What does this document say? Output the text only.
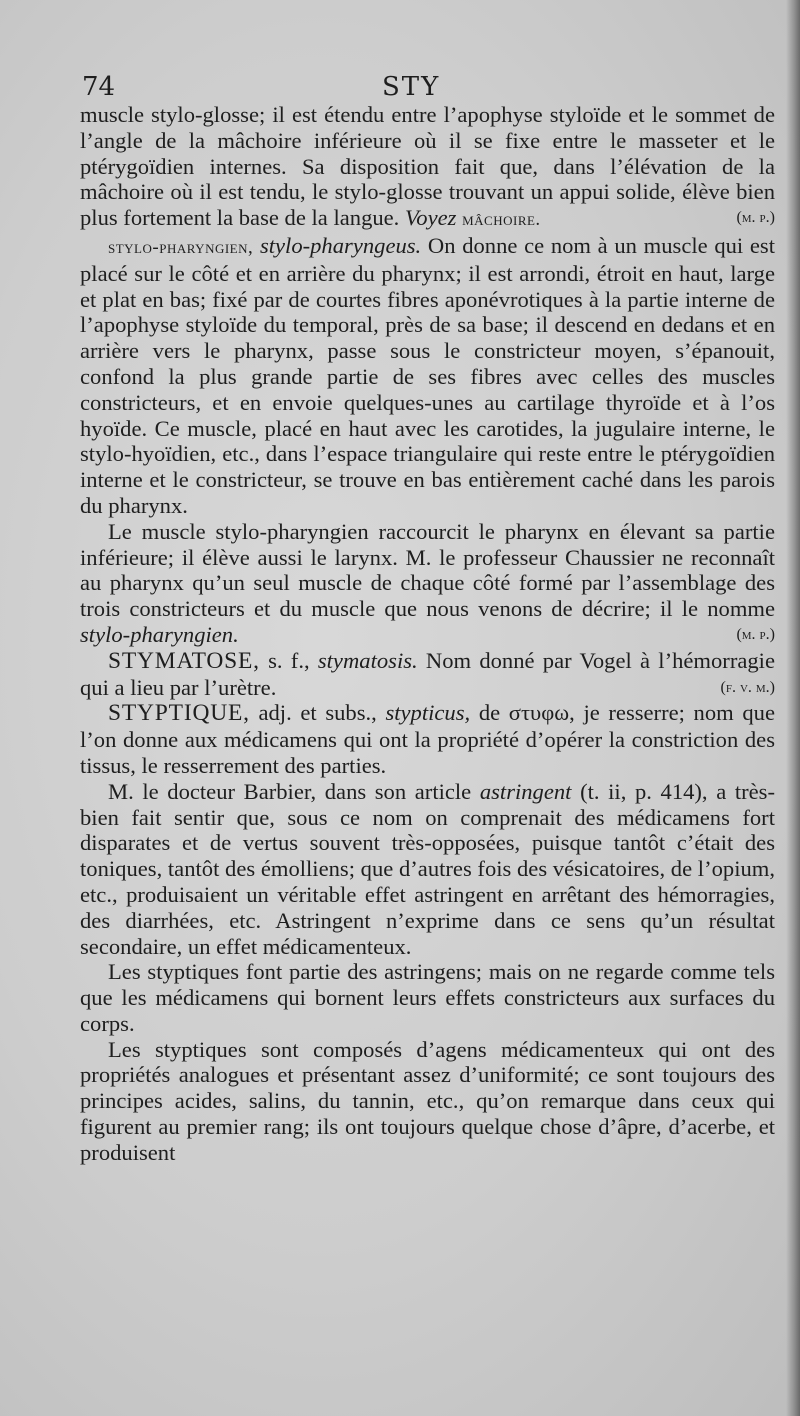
74	STY

muscle stylo-glosse; il est étendu entre l’apophyse styloïde et le sommet de l’angle de la mâchoire inférieure où il se fixe entre le masseter et le ptérygoïdien internes. Sa disposition fait que, dans l’élévation de la mâchoire où il est tendu, le stylo-glosse trouvant un appui solide, élève bien plus fortement la base de la langue. Voyez mâchoire.	(m. p.)

stylo-pharyngien, stylo-pharyngeus. On donne ce nom à un muscle qui est placé sur le côté et en arrière du pharynx; il est arrondi, étroit en haut, large et plat en bas; fixé par de courtes fibres aponévrotiques à la partie interne de l’apophyse styloïde du temporal, près de sa base; il descend en dedans et en arrière vers le pharynx, passe sous le constricteur moyen, s’épanouit, confond la plus grande partie de ses fibres avec celles des muscles constricteurs, et en envoie quelques-unes au cartilage thyroïde et à l’os hyoïde. Ce muscle, placé en haut avec les carotides, la jugulaire interne, le stylo-hyoïdien, etc., dans l’espace triangulaire qui reste entre le ptérygoïdien interne et le constricteur, se trouve en bas entièrement caché dans les parois du pharynx.

Le muscle stylo-pharyngien raccourcit le pharynx en élevant sa partie inférieure; il élève aussi le larynx. M. le professeur Chaussier ne reconnaît au pharynx qu’un seul muscle de chaque côté formé par l’assemblage des trois constricteurs et du muscle que nous venons de décrire; il le nomme stylo-pharyngien.	(m. p.)

STYMATOSE, s. f., stymatosis. Nom donné par Vogel à l’hémorragie qui a lieu par l’urètre.	(f. v. m.)

STYPTIQUE, adj. et subs., stypticus, de στυφω, je resserre; nom que l’on donne aux médicamens qui ont la propriété d’opérer la constriction des tissus, le resserrement des parties.

M. le docteur Barbier, dans son article astringent (t. ii, p. 414), a très-bien fait sentir que, sous ce nom on comprenait des médicamens fort disparates et de vertus souvent très-opposées, puisque tantôt c’était des toniques, tantôt des émolliens; que d’autres fois des vésicatoires, de l’opium, etc., produisaient un véritable effet astringent en arrêtant des hémorragies, des diarrhées, etc. Astringent n’exprime dans ce sens qu’un résultat secondaire, un effet médicamenteux.

Les styptiques font partie des astringens; mais on ne regarde comme tels que les médicamens qui bornent leurs effets constricteurs aux surfaces du corps.

Les styptiques sont composés d’agens médicamenteux qui ont des propriétés analogues et présentant assez d’uniformité; ce sont toujours des principes acides, salins, du tannin, etc., qu’on remarque dans ceux qui figurent au premier rang; ils ont toujours quelque chose d’âpre, d’acerbe, et produisent
